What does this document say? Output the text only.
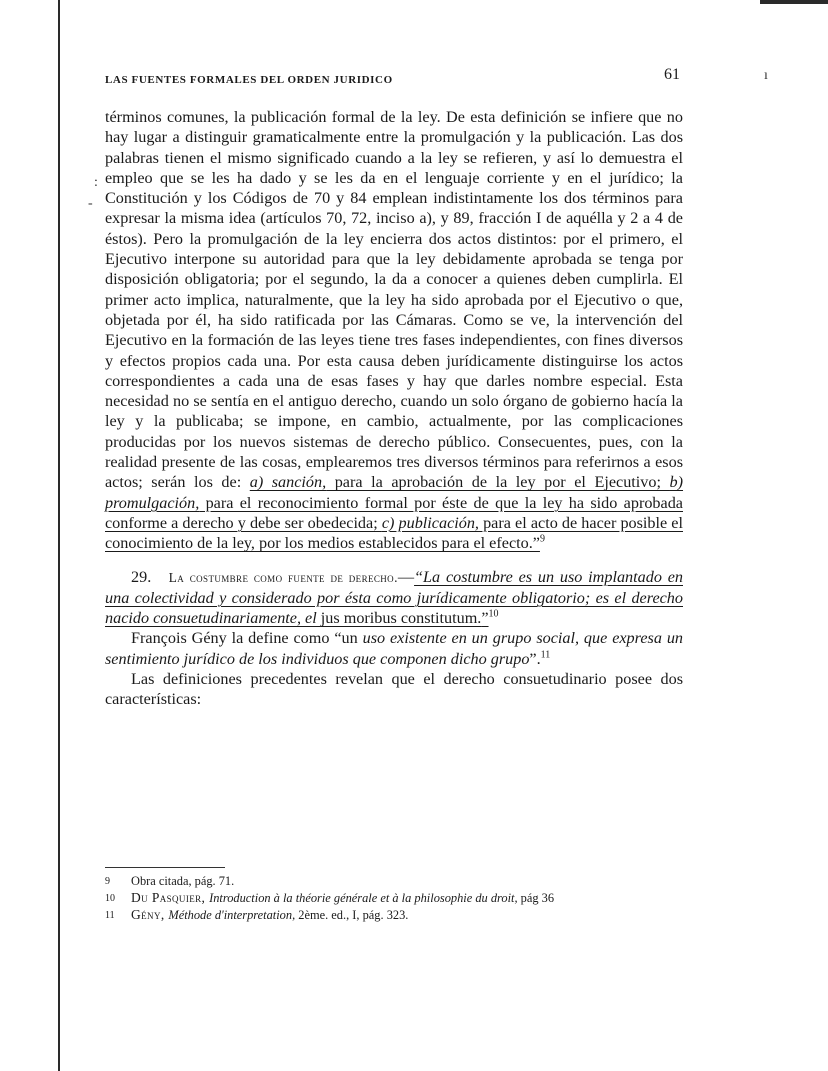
LAS FUENTES FORMALES DEL ORDEN JURIDICO	61
:
-
ı

términos comunes, la publicación formal de la ley. De esta definición se infiere que no hay lugar a distinguir gramaticalmente entre la promulgación y la publicación. Las dos palabras tienen el mismo significado cuando a la ley se refieren, y así lo demuestra el empleo que se les ha dado y se les da en el lenguaje corriente y en el jurídico; la Constitución y los Códigos de 70 y 84 emplean indistintamente los dos términos para expresar la misma idea (artículos 70, 72, inciso a), y 89, fracción I de aquélla y 2 a 4 de éstos). Pero la promulgación de la ley encierra dos actos distintos: por el primero, el Ejecutivo interpone su autoridad para que la ley debidamente aprobada se tenga por disposición obligatoria; por el segundo, la da a conocer a quienes deben cumplirla. El primer acto implica, naturalmente, que la ley ha sido aprobada por el Ejecutivo o que, objetada por él, ha sido ratificada por las Cámaras. Como se ve, la intervención del Ejecutivo en la formación de las leyes tiene tres fases independientes, con fines diversos y efectos propios cada una. Por esta causa deben jurídicamente distinguirse los actos correspondientes a cada una de esas fases y hay que darles nombre especial. Esta necesidad no se sentía en el antiguo derecho, cuando un solo órgano de gobierno hacía la ley y la publicaba; se impone, en cambio, actualmente, por las complicaciones producidas por los nuevos sistemas de derecho público. Consecuentes, pues, con la realidad presente de las cosas, emplearemos tres diversos términos para referirnos a esos actos; serán los de: a) sanción, para la aprobación de la ley por el Ejecutivo; b) promulgación, para el reconocimiento formal por éste de que la ley ha sido aprobada conforme a derecho y debe ser obedecida; c) publicación, para el acto de hacer posible el conocimiento de la ley, por los medios establecidos para el efecto.”$^9$

29. La costumbre como fuente de derecho.—“La costumbre es un uso implantado en una colectividad y considerado por ésta como jurídicamente obligatorio; es el derecho nacido consuetudinariamente, el jus moribus constitutum.”$^{10}$

François Gény la define como “un uso existente en un grupo social, que expresa un sentimiento jurídico de los individuos que componen dicho grupo”.$^{11}$

Las definiciones precedentes revelan que el derecho consuetudinario posee dos características:

9 Obra citada, pág. 71.

10 Du Pasquier, Introduction à la théorie générale et à la philosophie du droit, pág 36

11 Gény, Méthode d'interpretation, 2ème. ed., I, pág. 323.
